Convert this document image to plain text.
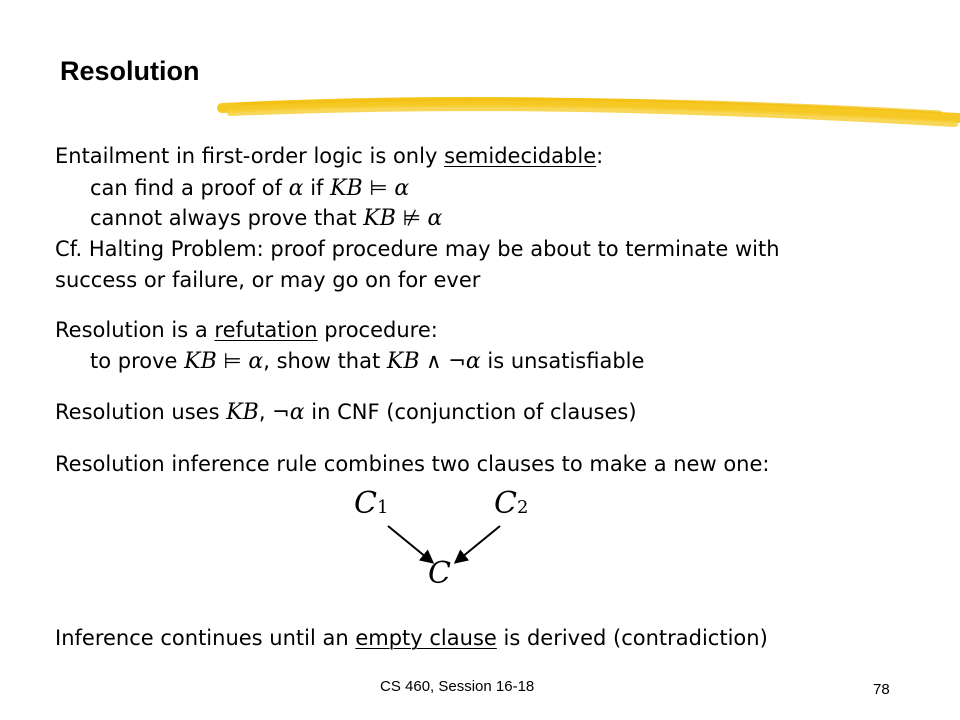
Resolution
Entailment in first-order logic is only semidecidable:
can find a proof of α if KB ⊨ α
cannot always prove that KB ⊭ α
Cf. Halting Problem: proof procedure may be about to terminate with
success or failure, or may go on for ever
Resolution is a refutation procedure:
to prove KB ⊨ α, show that KB ∧ ¬α is unsatisfiable
Resolution uses KB, ¬α in CNF (conjunction of clauses)
Resolution inference rule combines two clauses to make a new one:
C1	C2
C
Inference continues until an empty clause is derived (contradiction)
CS 460, Session 16-18	78
